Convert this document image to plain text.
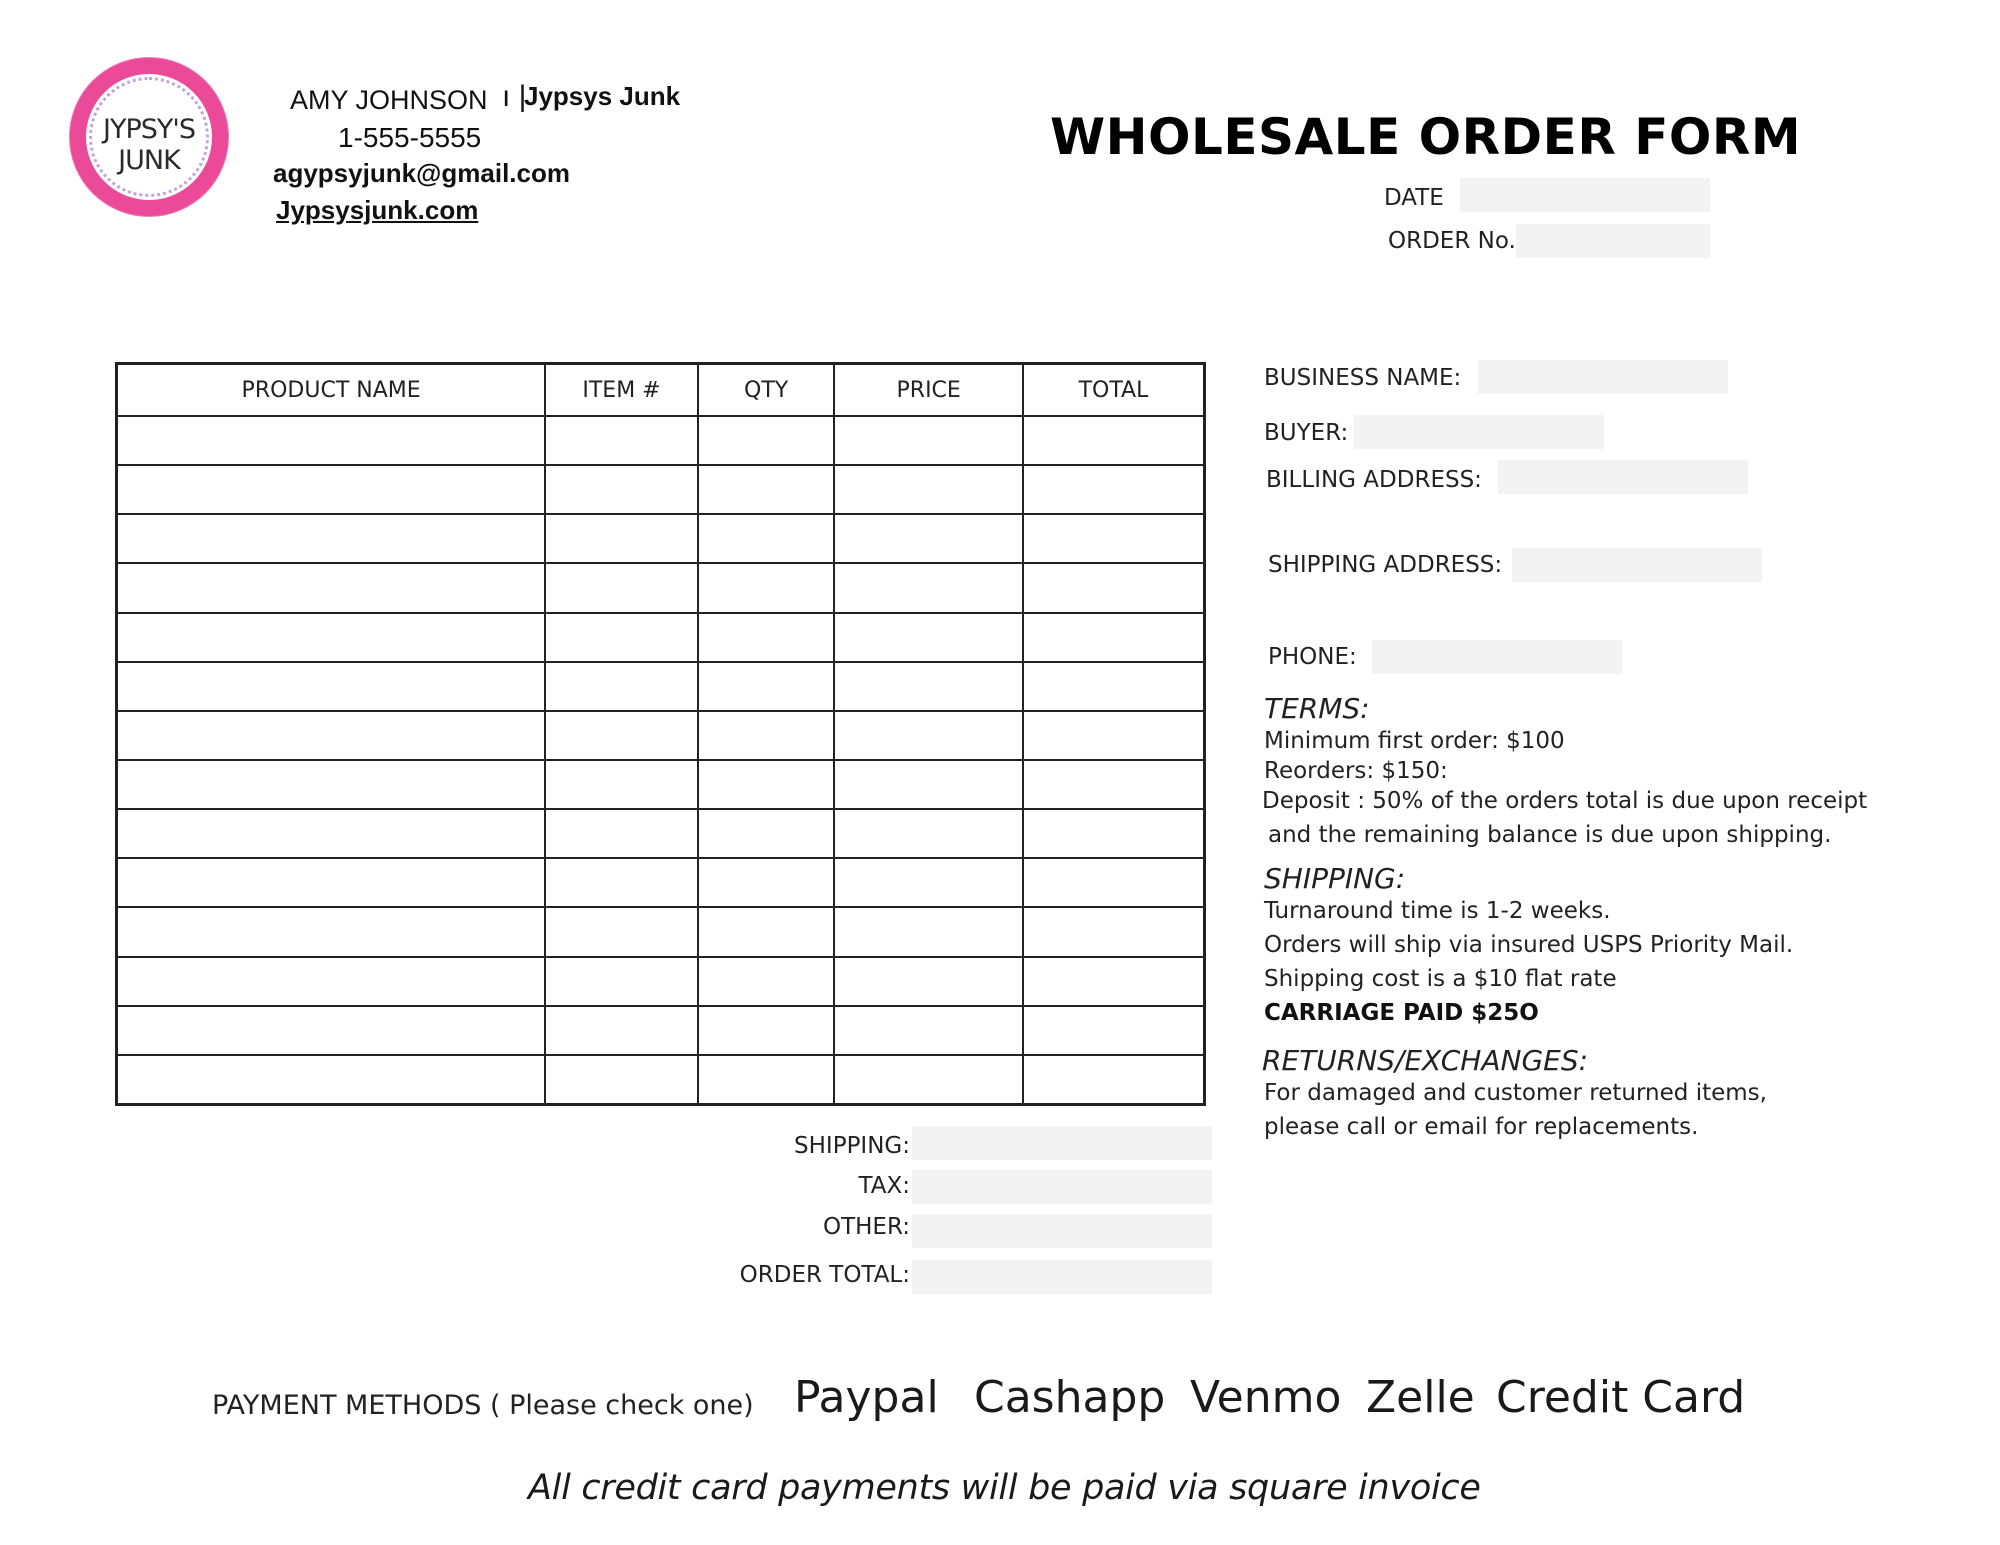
JYPSY'S
JUNK
AMY JOHNSON ı |
Jypsys Junk
1-555-5555
agypsyjunk@gmail.com
Jypsysjunk.com
WHOLESALE ORDER FORM
DATE
ORDER No.
PRODUCT NAME	ITEM #	QTY	PRICE	TOTAL

SHIPPING:
TAX:
OTHER:
ORDER TOTAL:
BUSINESS NAME:
BUYER:
BILLING ADDRESS:
SHIPPING ADDRESS:
PHONE:
TERMS:
Minimum first order: $100
Reorders: $150:
Deposit : 50% of the orders total is due upon receipt
and the remaining balance is due upon shipping.
SHIPPING:
Turnaround time is 1-2 weeks.
Orders will ship via insured USPS Priority Mail.
Shipping cost is a $10 flat rate
CARRIAGE PAID $25O
RETURNS/EXCHANGES:
For damaged and customer returned items,
please call or email for replacements.
PAYMENT METHODS ( Please check one) Paypal Cashapp Venmo Zelle Credit Card
All credit card payments will be paid via square invoice
